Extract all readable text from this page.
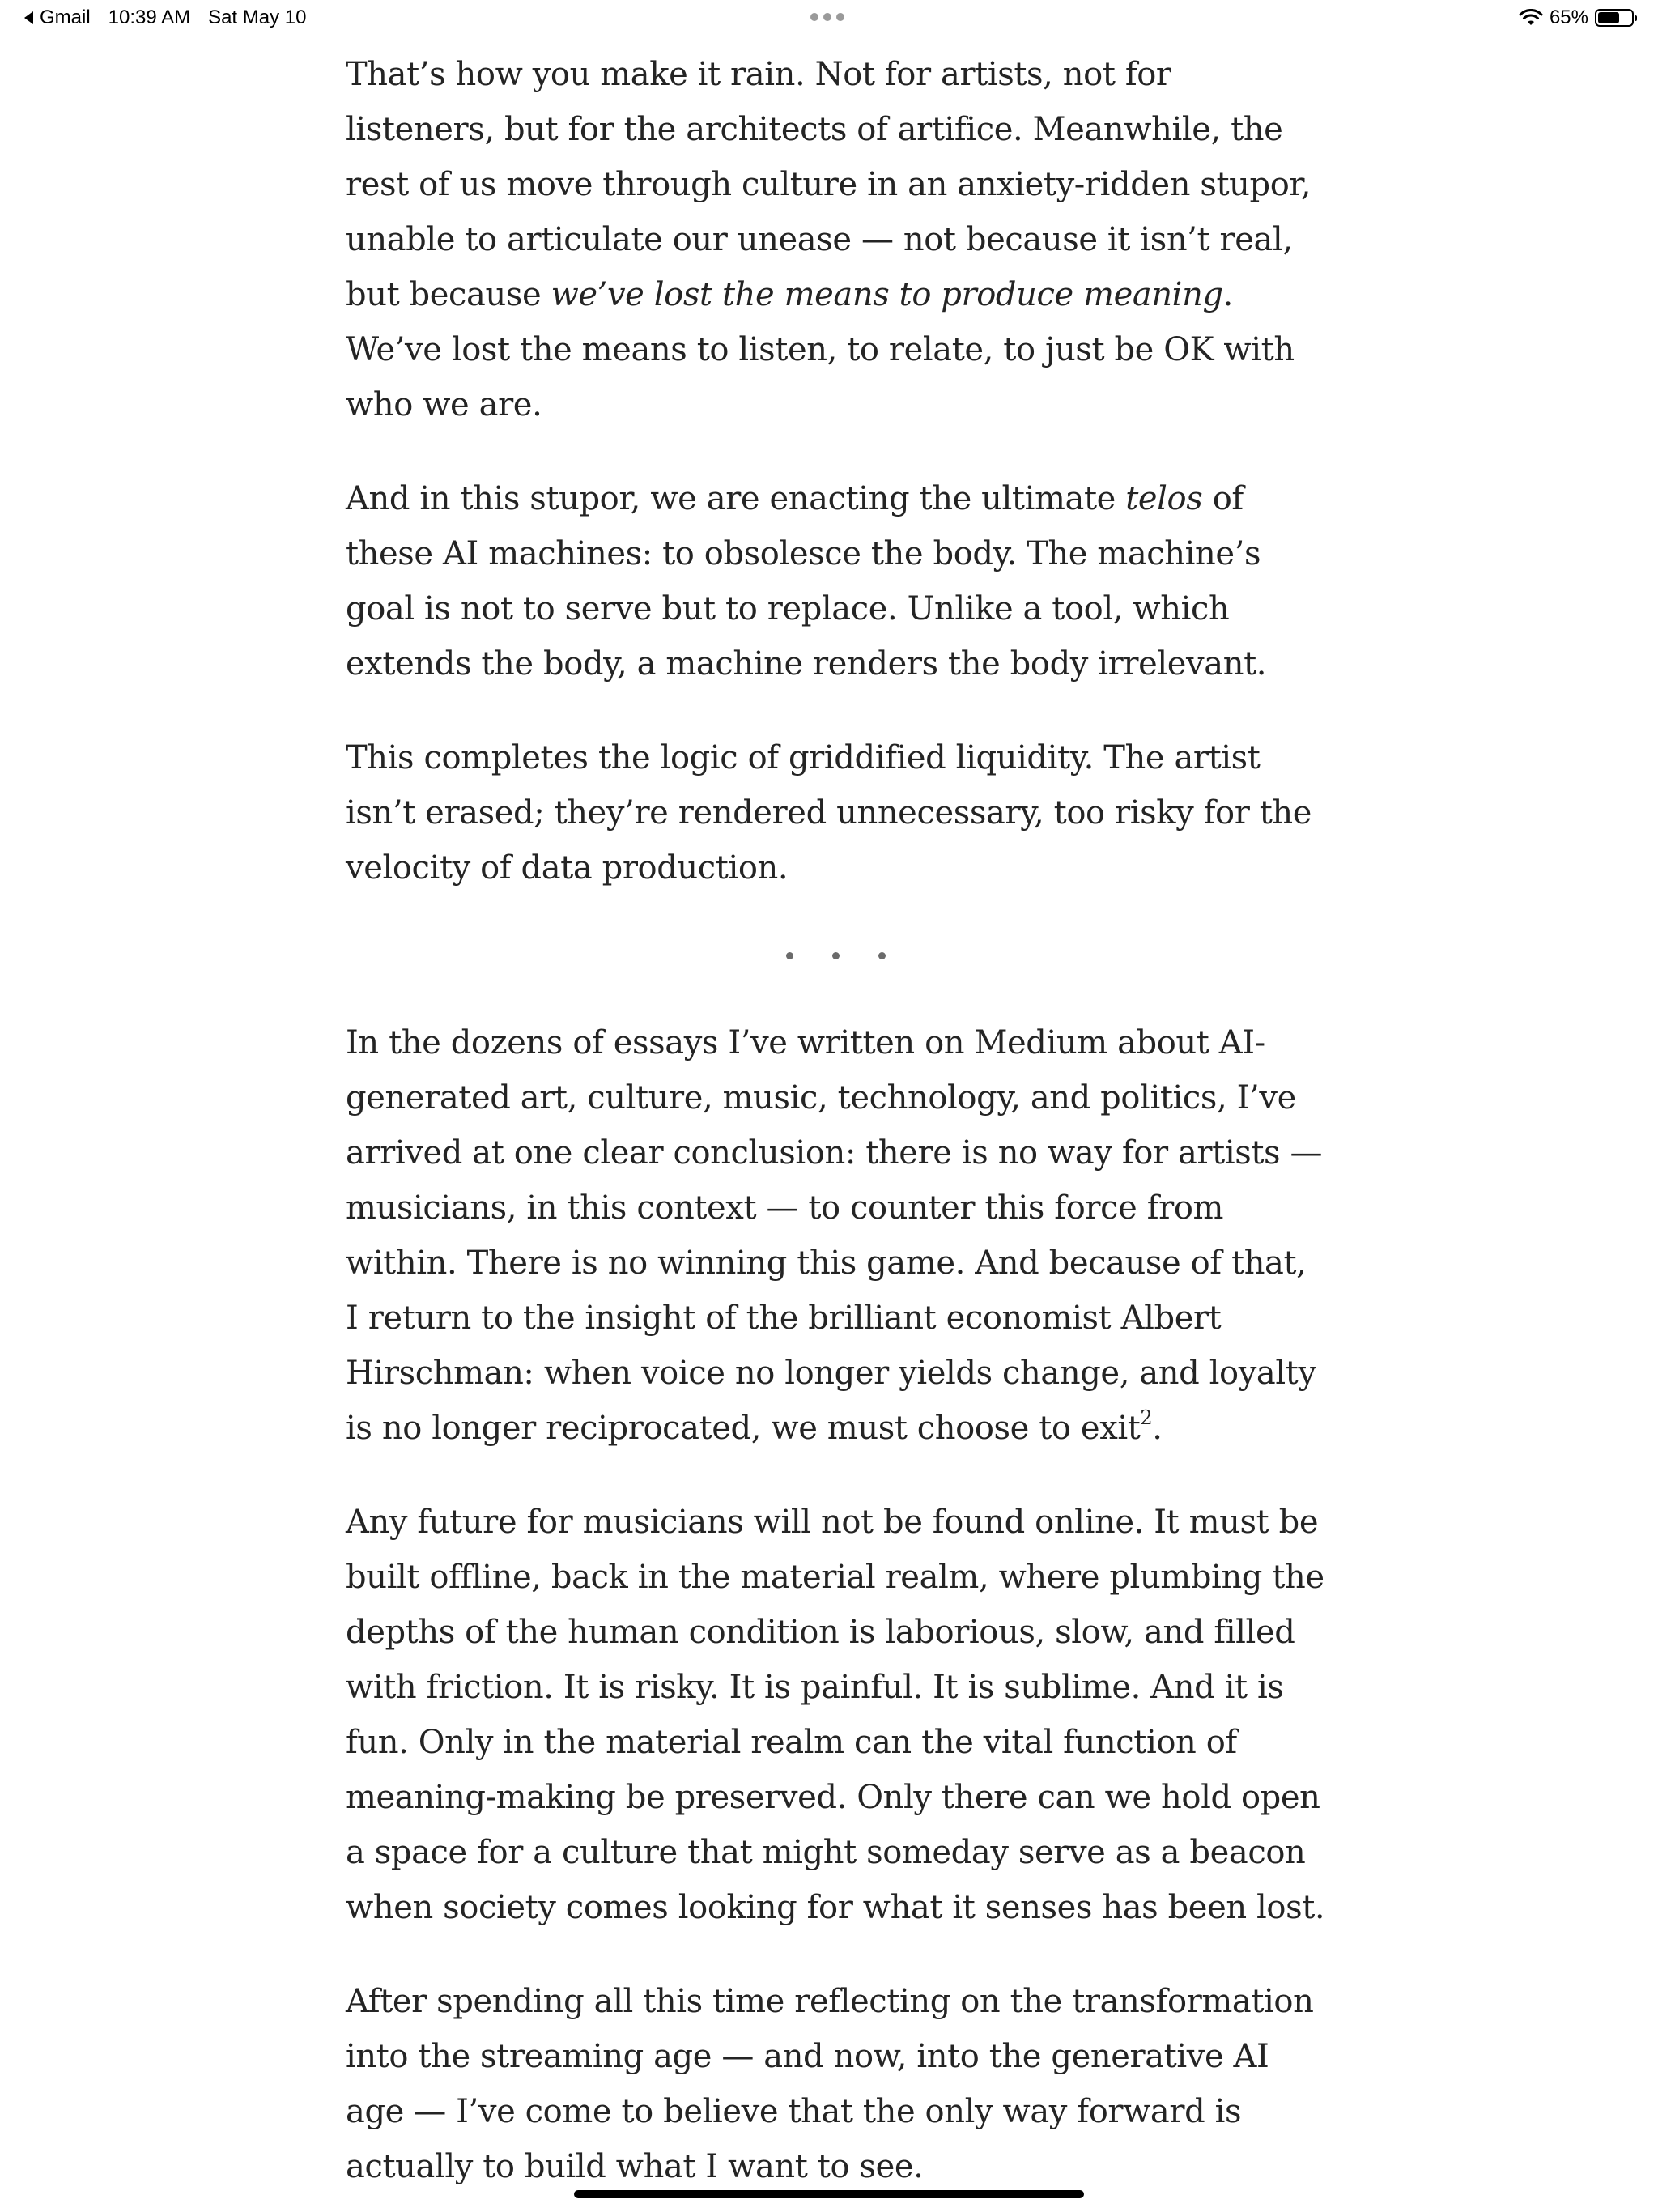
Gmail 10:39 AM Sat May 10	65%

That’s how you make it rain. Not for artists, not for listeners, but for the architects of artifice. Meanwhile, the rest of us move through culture in an anxiety-ridden stupor, unable to articulate our unease — not because it isn’t real, but because we’ve lost the means to produce meaning. We’ve lost the means to listen, to relate, to just be OK with who we are.

And in this stupor, we are enacting the ultimate telos of these AI machines: to obsolesce the body. The machine’s goal is not to serve but to replace. Unlike a tool, which extends the body, a machine renders the body irrelevant.

This completes the logic of griddified liquidity. The artist isn’t erased; they’re rendered unnecessary, too risky for the velocity of data production.

In the dozens of essays I’ve written on Medium about AI-generated art, culture, music, technology, and politics, I’ve arrived at one clear conclusion: there is no way for artists — musicians, in this context — to counter this force from within. There is no winning this game. And because of that, I return to the insight of the brilliant economist Albert Hirschman: when voice no longer yields change, and loyalty is no longer reciprocated, we must choose to exit$^2$.

Any future for musicians will not be found online. It must be built offline, back in the material realm, where plumbing the depths of the human condition is laborious, slow, and filled with friction. It is risky. It is painful. It is sublime. And it is fun. Only in the material realm can the vital function of meaning-making be preserved. Only there can we hold open a space for a culture that might someday serve as a beacon when society comes looking for what it senses has been lost.

After spending all this time reflecting on the transformation into the streaming age — and now, into the generative AI age — I’ve come to believe that the only way forward is actually to build what I want to see.
